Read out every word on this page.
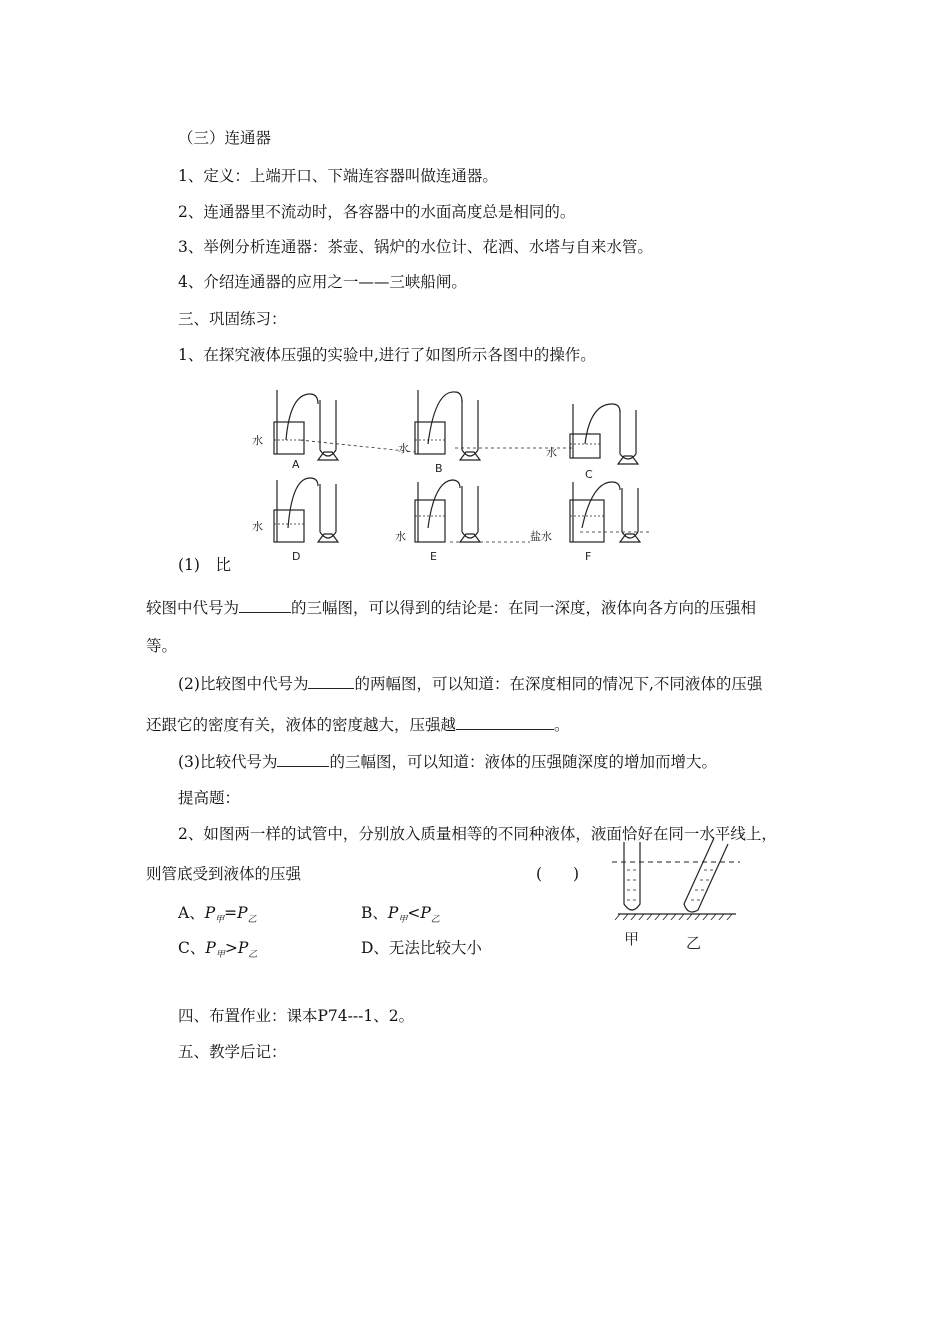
（三）连通器
1、定义：上端开口、下端连容器叫做连通器。
2、连通器里不流动时，各容器中的水面高度总是相同的。
3、举例分析连通器：茶壶、锅炉的水位计、花洒、水塔与自来水管。
4、介绍连通器的应用之一——三峡船闸。
三、巩固练习：
1、在探究液体压强的实验中,进行了如图所示各图中的操作。
A	B	C
D	E	F
水
水	水
水
水	盐水
(1)　比
较图中代号为	的三幅图，可以得到的结论是：在同一深度，液体向各方向的压强相
等。
(2)比较图中代号为	的两幅图，可以知道：在深度相同的情况下,不同液体的压强
还跟它的密度有关，液体的密度越大，压强越	。
(3)比较代号为	的三幅图，可以知道：液体的压强随深度的增加而增大。
提高题：
2、如图两一样的试管中，分别放入质量相等的不同种液体，液面恰好在同一水平线上，
则管底受到液体的压强	(　　)
A、$P_甲=P_乙$	B、$P_甲<P_乙$
C、$P_甲>P_乙$	D、无法比较大小	甲	乙
四、布置作业：课本P74---1、2。
五、教学后记：
